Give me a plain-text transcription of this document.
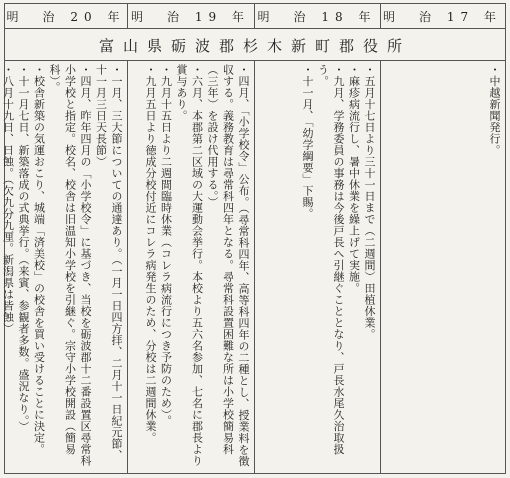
明　治 20 年 明　治 19 年 明　治 18 年 明　治 17 年
富山県砺波郡杉木新町郡役所
・一月、三大節についての通達あり。（一月一日四方拝、二月十一日紀元節、十一月三日天長節）
・四月、昨年四月の「小学校令」に基づき、当校を砺波郡十二番設置区尋常科小学校と指定。校名、校舎は旧温知小学校を引継ぐ。宗守小学校開設（簡易科）。
・校舎新築の気運おこり、城端「済美校」の校舎を買い受けることに決定。
・十一月七日、新築落成の式典挙行。（来賓、参観者多数。盛況なり。）
・八月十九日、日蝕。（欠九分九厘。新潟県は皆蝕）	・四月、「小学校令」公布。（尋常科四年、高等科四年の二種とし、授業料を徴収する。義務教育は尋常科四年となる。尋常科設置困難な所は小学校簡易科（三年）を設け代用する。）
・六月、本郡第二区域の大運動会挙行。本校より五六名参加、七名に郡長より賞与あり。
・九月十五日より二週間臨時休業（コレラ病流行につき予防のため）。
・九月五日より徳成分校付近にコレラ病発生のため、分校は二週間休業。	・五月十七日より三十一日まで（二週間）田植休業。
・麻疹病流行し、暑中休業を繰上げて実施。
・九月、学務委員の事務は今後戸長へ引継ぐこととなり、戸長水尾久治取扱う。
・十一月、「幼学綱要」下賜。	・中越新聞発行。
